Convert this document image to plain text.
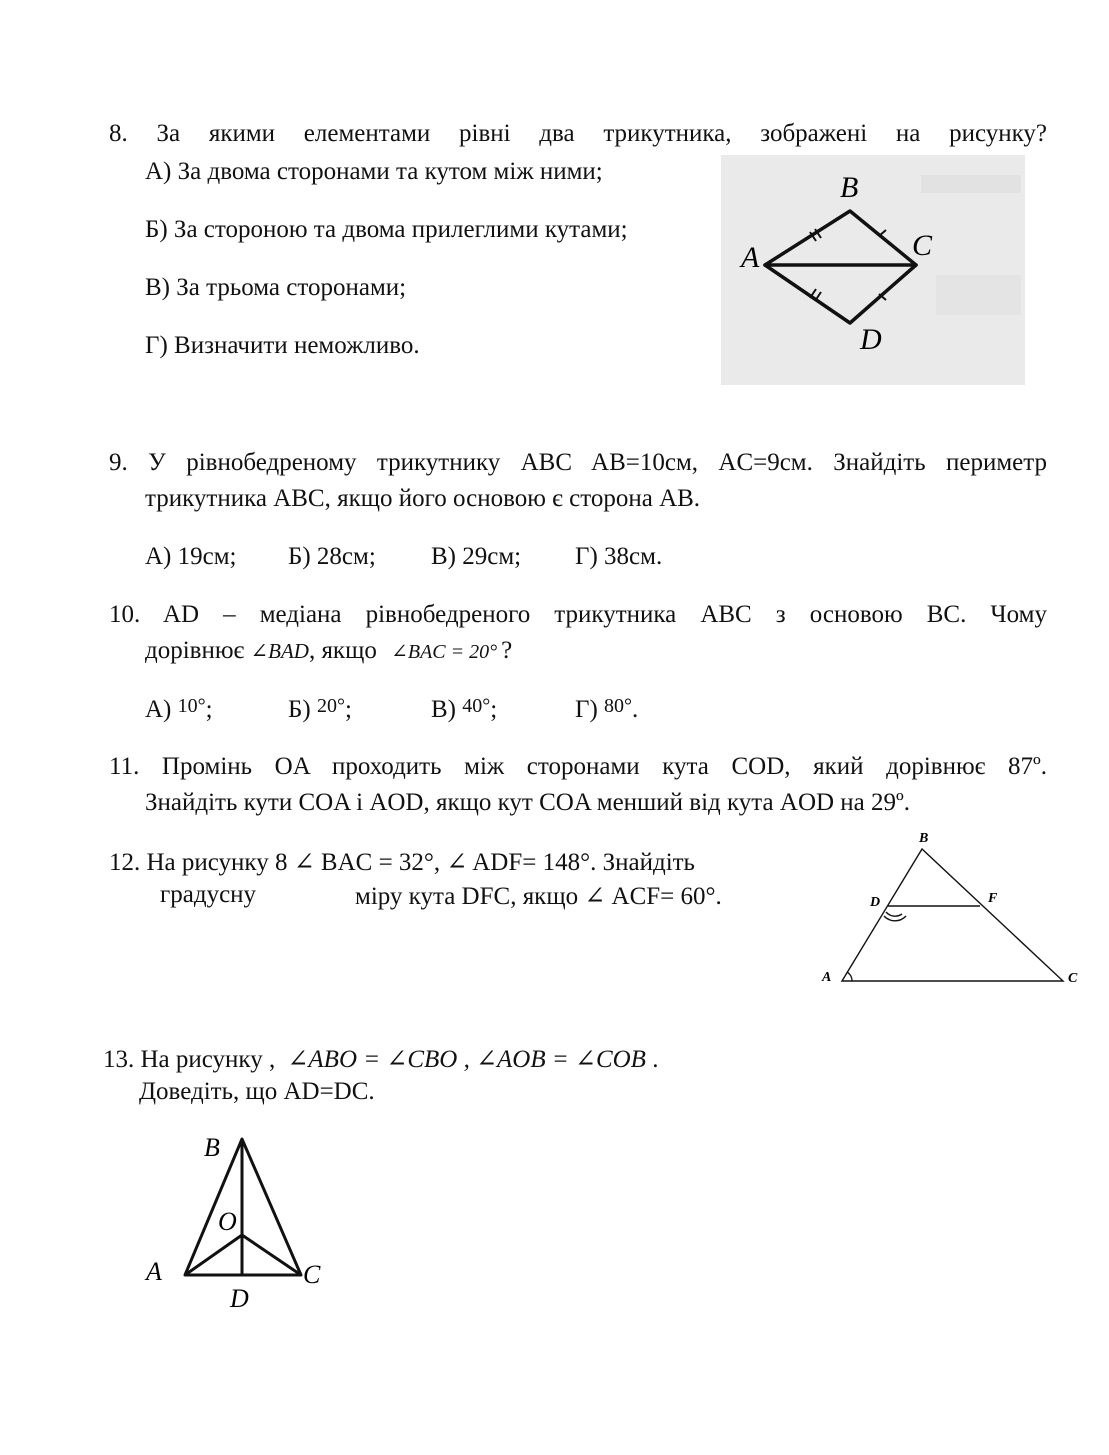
8. За якими елементами рівні два трикутника, зображені на рисунку?
А) За двома сторонами та кутом між ними;
Б) За стороною та двома прилеглими кутами;
В) За трьома сторонами;
Г) Визначити неможливо.
A
B
C
D
9. У рівнобедреному трикутнику ABC AB=10см, AC=9см. Знайдіть периметр
трикутника ABC, якщо його основою є сторона AB.
А) 19см; Б) 28см; В) 29см; Г) 38см.
10. AD – медіана рівнобедреного трикутника ABC з основою BC. Чому
дорівнює ∠BAD, якщо ∠BAC = 20° ?
А) $^{10^\circ}$;	Б) $^{20^\circ}$;	В) $^{40^\circ}$;	Г) $^{80^\circ}$.
11. Промінь OA проходить між сторонами кута COD, який дорівнює 87º.
Знайдіть кути COA і AOD, якщо кут COA менший від кута AOD на 29º.
12. На рисунку 8 ∠ BAC = 32°, ∠ ADF= 148°. Знайдіть
градусну	міру кута DFC, якщо ∠ ACF= 60°.
A
B
C
D	F
13. На рисунку , ∠ABO = ∠CBO , ∠AOB = ∠COB .
Доведіть, що AD=DC.
B
O
A	C
D
